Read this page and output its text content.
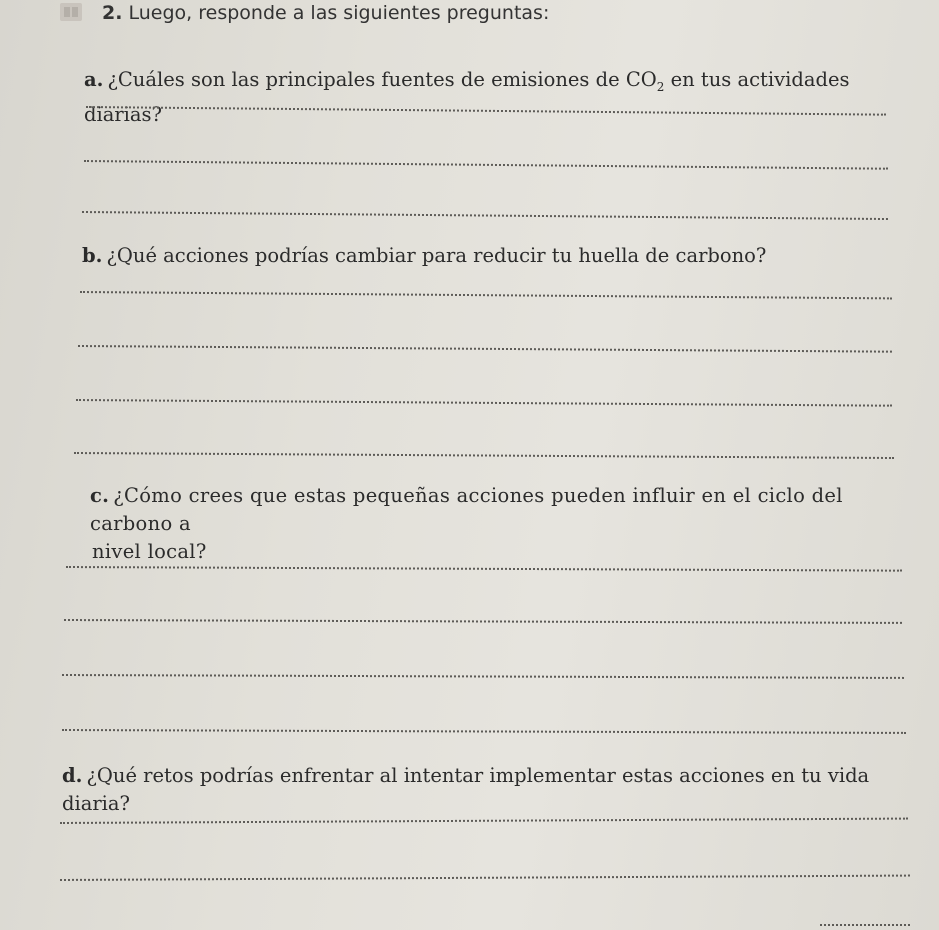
2. Luego, responde a las siguientes preguntas:
a. ¿Cuáles son las principales fuentes de emisiones de $CO_2$ en tus actividades diarias?
b. ¿Qué acciones podrías cambiar para reducir tu huella de carbono?
c. ¿Cómo crees que estas pequeñas acciones pueden influir en el ciclo del carbono a
nivel local?
d. ¿Qué retos podrías enfrentar al intentar implementar estas acciones en tu vida diaria?
